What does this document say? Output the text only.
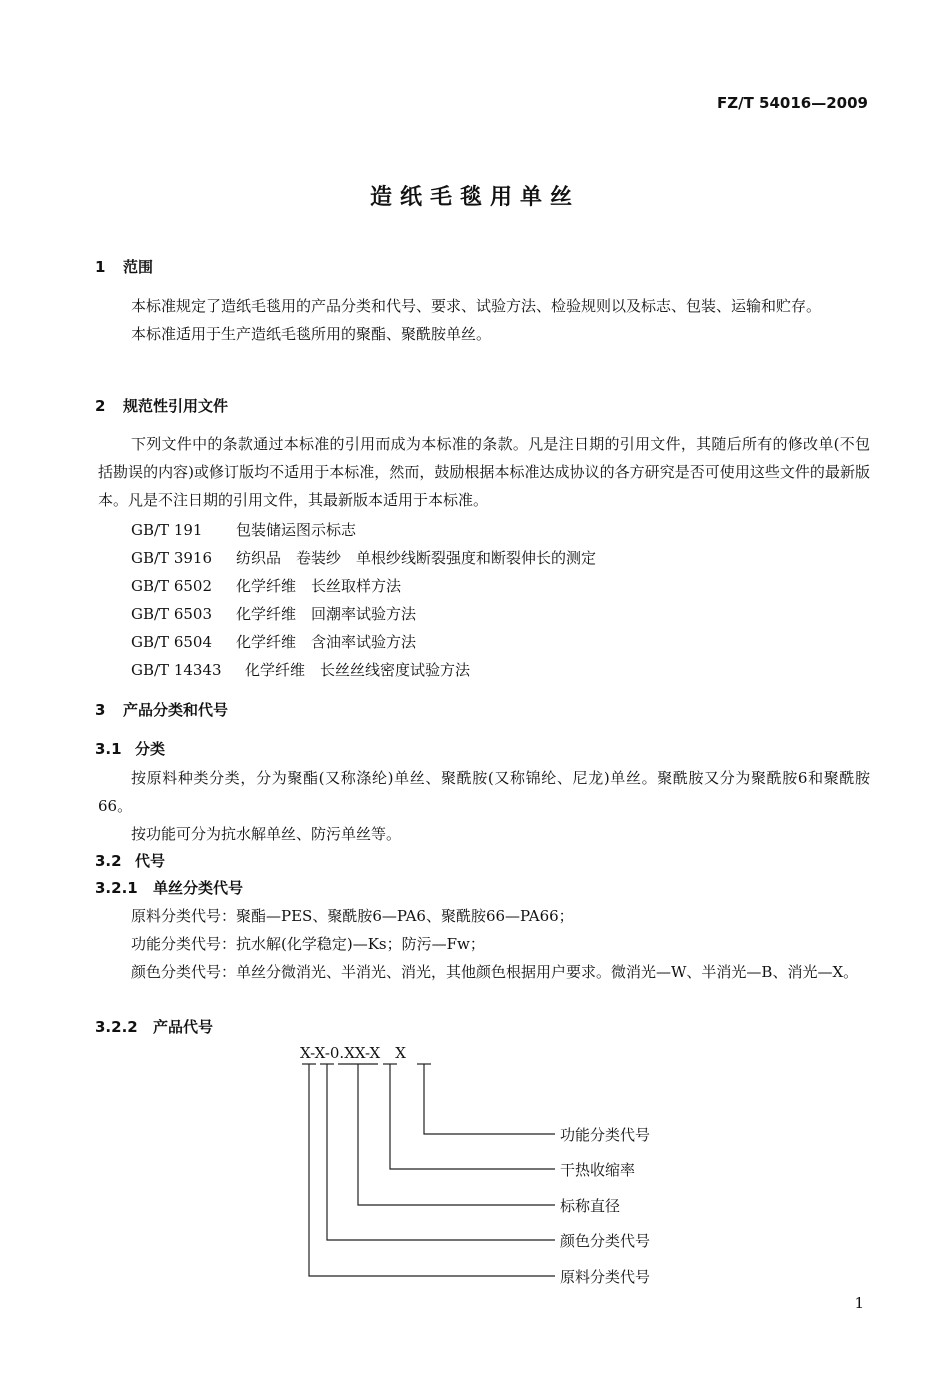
FZ/T 54016—2009
造纸毛毯用单丝
1 范围

本标准规定了造纸毛毯用的产品分类和代号、要求、试验方法、检验规则以及标志、包装、运输和贮存。

本标准适用于生产造纸毛毯所用的聚酯、聚酰胺单丝。

2 规范性引用文件

下列文件中的条款通过本标准的引用而成为本标准的条款。凡是注日期的引用文件，其随后所有的修改单(不包括勘误的内容)或修订版均不适用于本标准，然而，鼓励根据本标准达成协议的各方研究是否可使用这些文件的最新版本。凡是不注日期的引用文件，其最新版本适用于本标准。

GB/T 191 包装储运图示标志
GB/T 3916 纺织品　卷装纱　单根纱线断裂强度和断裂伸长的测定
GB/T 6502 化学纤维　长丝取样方法
GB/T 6503 化学纤维　回潮率试验方法
GB/T 6504 化学纤维　含油率试验方法
GB/T 14343 化学纤维　长丝丝线密度试验方法
3 产品分类和代号
3.1 分类

按原料种类分类，分为聚酯(又称涤纶)单丝、聚酰胺(又称锦纶、尼龙)单丝。聚酰胺又分为聚酰胺6和聚酰胺66。

按功能可分为抗水解单丝、防污单丝等。

3.2 代号
3.2.1 单丝分类代号

原料分类代号：聚酯—PES、聚酰胺6—PA6、聚酰胺66—PA66；

功能分类代号：抗水解(化学稳定)—Ks；防污—Fw；

颜色分类代号：单丝分微消光、半消光、消光，其他颜色根据用户要求。微消光—W、半消光—B、消光—X。

3.2.2 产品代号
X-X-0.XX-X　X
功能分类代号
干热收缩率
标称直径
颜色分类代号
原料分类代号
1
